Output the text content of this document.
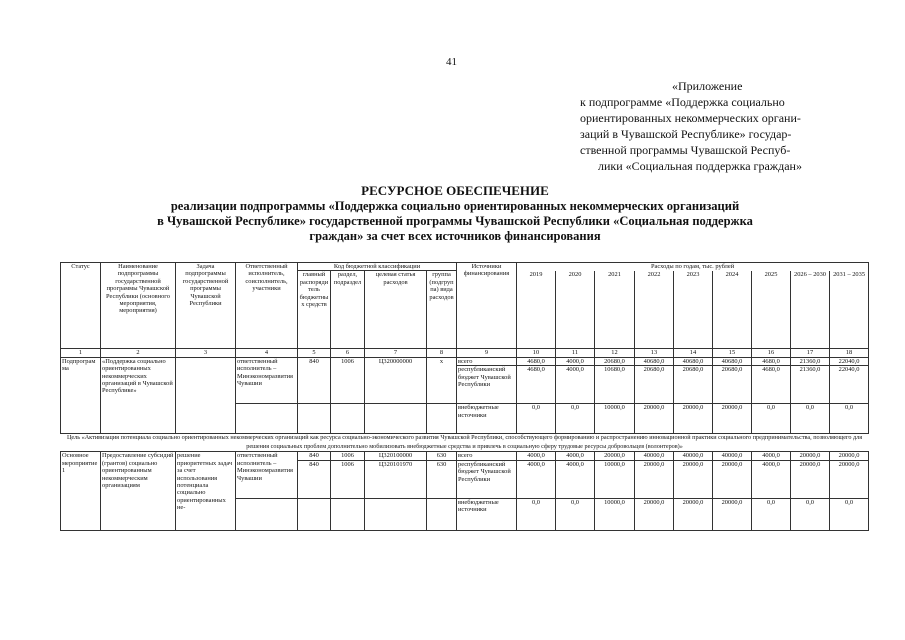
41
«Приложение
к подпрограмме «Поддержка социально
ориентированных некоммерческих органи-
заций в Чувашской Республике» государ-
ственной программы Чувашской Респуб-
лики «Социальная поддержка граждан»
РЕСУРСНОЕ ОБЕСПЕЧЕНИЕ
реализации подпрограммы «Поддержка социально ориентированных некоммерческих организаций
в Чувашской Республике» государственной программы Чувашской Республики «Социальная поддержка
граждан» за счет всех источников финансирования
Статус	Наименование подпрограммы государственной программы Чувашской Республики (основного мероприятия, мероприятия)	Задача подпрограммы государственной программы Чувашской Республики	Ответственный исполнитель, соисполнитель, участники	Код бюджетной классификации				Источники финансирования	Расходы по годам, тыс. рублей								
				главный распорядитель бюджетных средств	раздел, подраздел	целевая статья расходов	группа (подгруппа) вида расходов		2019	2020	2021	2022	2023	2024	2025	2026 – 2030	2031 – 2035
1	2	3	4	5	6	7	8	9	10	11	12	13	14	15	16	17	18
Подпрограмма	«Поддержка социально ориентированных некоммерческих организаций в Чувашской Республике»		ответственный исполнитель – Минэкономразвития Чувашии	840	1006	Ц320000000	х	всего	4680,0	4000,0	20680,0	40680,0	40680,0	40680,0	4680,0	21360,0	22040,0
								республиканский бюджет Чувашской Республики	4680,0	4000,0	10680,0	20680,0	20680,0	20680,0	4680,0	21360,0	22040,0
								внебюджетные источники	0,0	0,0	10000,0	20000,0	20000,0	20000,0	0,0	0,0	0,0
Цель «Активизация потенциала социально ориентированных некоммерческих организаций как ресурса социально-экономического развития Чувашской Республики, способствующего формированию и распространению инновационной практики социального предпринимательства, позволяющего для решения социальных проблем дополнительно мобилизовать внебюджетные средства и привлечь в социальную сферу трудовые ресурсы добровольцев (волонтеров)»																	
Основное мероприятие 1	Предоставление субсидий (грантов) социально ориентированным некоммерческим организациям	решение приоритетных задач за счет использования потенциала социально ориентированных не-	ответственный исполнитель – Минэкономразвития Чувашии	840	1006	Ц320100000	630	всего	4000,0	4000,0	20000,0	40000,0	40000,0	40000,0	4000,0	20000,0	20000,0
				840	1006	Ц320101970	630	республиканский бюджет Чувашской Республики	4000,0	4000,0	10000,0	20000,0	20000,0	20000,0	4000,0	20000,0	20000,0
								внебюджетные источники	0,0	0,0	10000,0	20000,0	20000,0	20000,0	0,0	0,0	0,0
